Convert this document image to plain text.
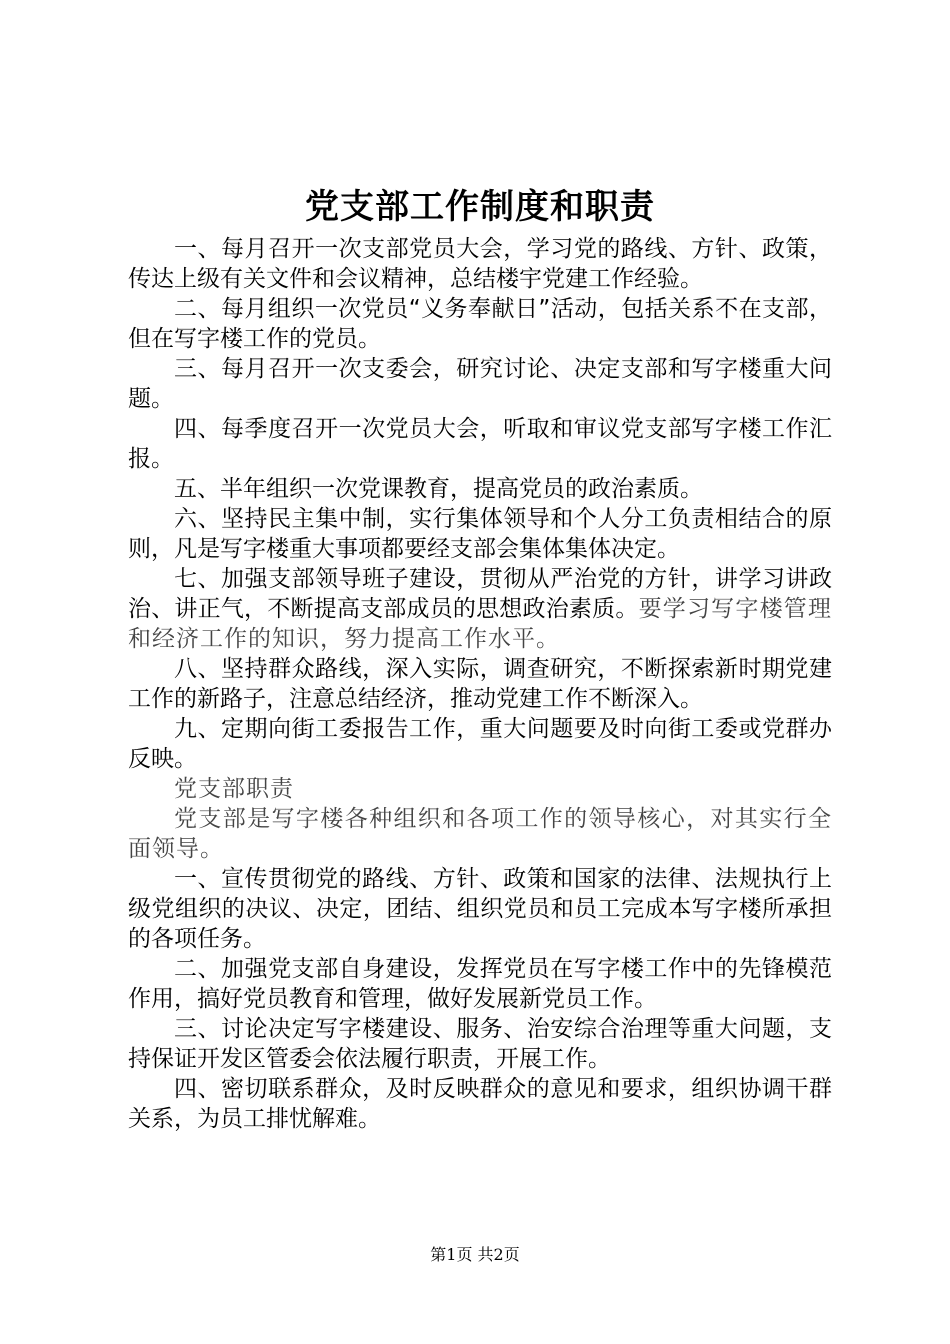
党支部工作制度和职责

一、每月召开一次支部党员大会，学习党的路线、方针、政策，传达上级有关文件和会议精神，总结楼宇党建工作经验。

二、每月组织一次党员“义务奉献日”活动，包括关系不在支部，但在写字楼工作的党员。

三、每月召开一次支委会，研究讨论、决定支部和写字楼重大问题。

四、每季度召开一次党员大会，听取和审议党支部写字楼工作汇报。

五、半年组织一次党课教育，提高党员的政治素质。

六、坚持民主集中制，实行集体领导和个人分工负责相结合的原则，凡是写字楼重大事项都要经支部会集体集体决定。

七、加强支部领导班子建设，贯彻从严治党的方针，讲学习讲政治、讲正气，不断提高支部成员的思想政治素质。要学习写字楼管理和经济工作的知识，努力提高工作水平。

八、坚持群众路线，深入实际，调查研究，不断探索新时期党建工作的新路子，注意总结经济，推动党建工作不断深入。

九、定期向街工委报告工作，重大问题要及时向街工委或党群办反映。

党支部职责

党支部是写字楼各种组织和各项工作的领导核心，对其实行全面领导。

一、宣传贯彻党的路线、方针、政策和国家的法律、法规执行上级党组织的决议、决定，团结、组织党员和员工完成本写字楼所承担的各项任务。

二、加强党支部自身建设，发挥党员在写字楼工作中的先锋模范作用，搞好党员教育和管理，做好发展新党员工作。

三、讨论决定写字楼建设、服务、治安综合治理等重大问题，支持保证开发区管委会依法履行职责，开展工作。

四、密切联系群众，及时反映群众的意见和要求，组织协调干群关系，为员工排忧解难。

第1页 共2页
